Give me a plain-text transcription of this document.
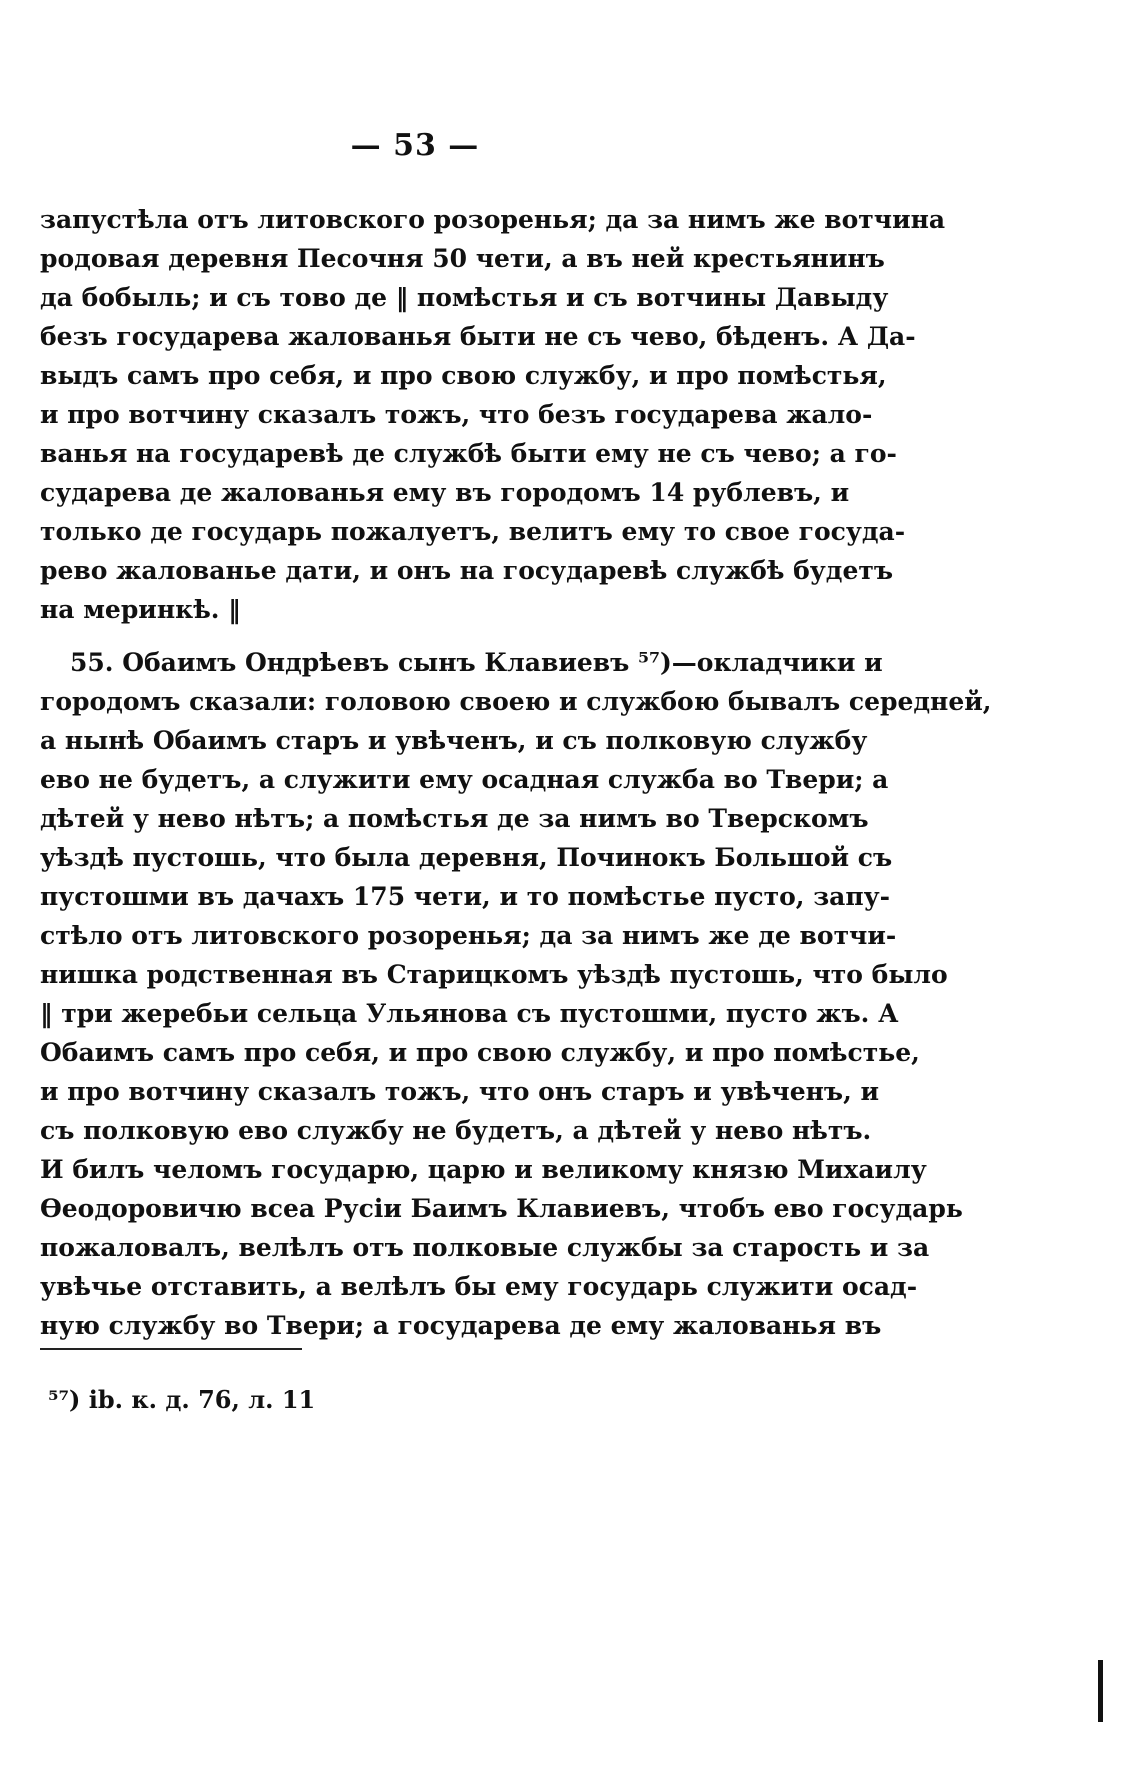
— 53 —
запустѣла отъ литовского розоренья; да за нимъ же вотчина
родовая деревня Песочня 50 чети, а въ ней крестьянинъ
да бобыль; и съ тово де ‖ помѣстья и съ вотчины Давыду
безъ государева жалованья быти не съ чево, бѣденъ. А Да-
выдъ самъ про себя, и про свою службу, и про помѣстья,
и про вотчину сказалъ тожъ, что безъ государева жало-
ванья на государевѣ де службѣ быти ему не съ чево; а го-
сударева де жалованья ему въ городомъ 14 рублевъ, и
только де государь пожалуетъ, велитъ ему то свое госуда-
рево жалованье дати, и онъ на государевѣ службѣ будетъ
на меринкѣ. ‖
55. Обаимъ Ондрѣевъ сынъ Клавиевъ ⁵⁷)—окладчики и
городомъ сказали: головою своею и службою бывалъ середней,
а нынѣ Обаимъ старъ и увѣченъ, и съ полковую службу
ево не будетъ, а служити ему осадная служба во Твери; а
дѣтей у нево нѣтъ; а помѣстья де за нимъ во Тверскомъ
уѣздѣ пустошь, что была деревня, Починокъ Большой съ
пустошми въ дачахъ 175 чети, и то помѣстье пусто, запу-
стѣло отъ литовского розоренья; да за нимъ же де вотчи-
нишка родственная въ Старицкомъ уѣздѣ пустошь, что было
‖ три жеребьи сельца Ульянова съ пустошми, пусто жъ. А
Обаимъ самъ про себя, и про свою службу, и про помѣстье,
и про вотчину сказалъ тожъ, что онъ старъ и увѣченъ, и
съ полковую ево службу не будетъ, а дѣтей у нево нѣтъ.
И билъ челомъ государю, царю и великому князю Михаилу
Ѳеодоровичю всеа Русіи Баимъ Клавиевъ, чтобъ ево государь
пожаловалъ, велѣлъ отъ полковые службы за старость и за
увѣчье отставить, а велѣлъ бы ему государь служити осад-
ную службу во Твери; а государева де ему жалованья въ
⁵⁷) ib. к. д. 76, л. 11
